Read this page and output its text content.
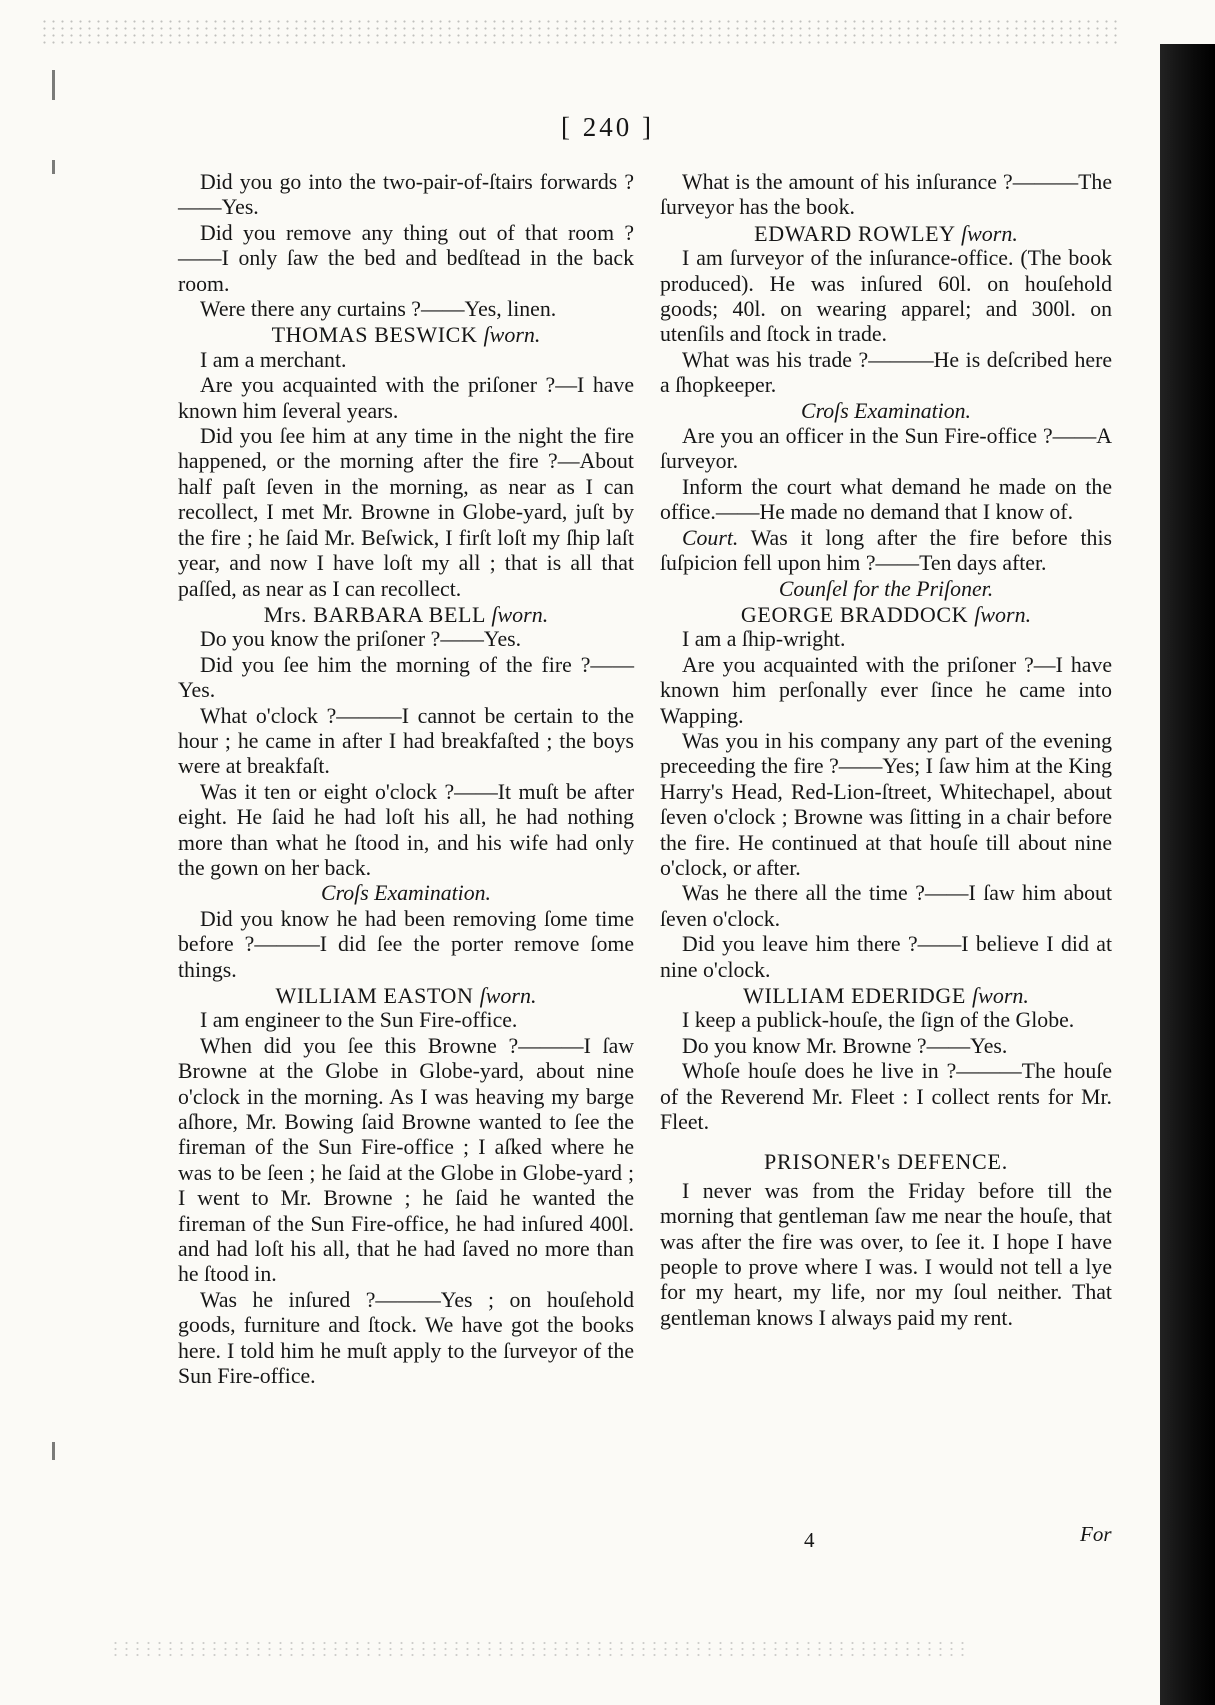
[ 240 ]

Did you go into the two-pair-of-ſtairs forwards ?——Yes.

Did you remove any thing out of that room ?——I only ſaw the bed and bedſtead in the back room.

Were there any curtains ?——Yes, linen.

THOMAS BESWICK ſworn.

I am a merchant.

Are you acquainted with the priſoner ?—I have known him ſeveral years.

Did you ſee him at any time in the night the fire happened, or the morning after the fire ?—About half paſt ſeven in the morning, as near as I can recollect, I met Mr. Browne in Globe-yard, juſt by the fire ; he ſaid Mr. Beſwick, I firſt loſt my ſhip laſt year, and now I have loſt my all ; that is all that paſſed, as near as I can recollect.

Mrs. BARBARA BELL ſworn.

Do you know the priſoner ?——Yes.

Did you ſee him the morning of the fire ?——Yes.

What o'clock ?———I cannot be certain to the hour ; he came in after I had breakfaſted ; the boys were at breakfaſt.

Was it ten or eight o'clock ?——It muſt be after eight. He ſaid he had loſt his all, he had nothing more than what he ſtood in, and his wife had only the gown on her back.

Croſs Examination.

Did you know he had been removing ſome time before ?———I did ſee the porter remove ſome things.

WILLIAM EASTON ſworn.

I am engineer to the Sun Fire-office.

When did you ſee this Browne ?———I ſaw Browne at the Globe in Globe-yard, about nine o'clock in the morning. As I was heaving my barge aſhore, Mr. Bowing ſaid Browne wanted to ſee the fireman of the Sun Fire-office ; I aſked where he was to be ſeen ; he ſaid at the Globe in Globe-yard ; I went to Mr. Browne ; he ſaid he wanted the fireman of the Sun Fire-office, he had inſured 400l. and had loſt his all, that he had ſaved no more than he ſtood in.

Was he inſured ?———Yes ; on houſehold goods, furniture and ſtock. We have got the books here. I told him he muſt apply to the ſurveyor of the Sun Fire-office.

What is the amount of his inſurance ?———The ſurveyor has the book.

EDWARD ROWLEY ſworn.

I am ſurveyor of the inſurance-office. (The book produced). He was inſured 60l. on houſehold goods; 40l. on wearing apparel; and 300l. on utenſils and ſtock in trade.

What was his trade ?———He is deſcribed here a ſhopkeeper.

Croſs Examination.

Are you an officer in the Sun Fire-office ?——A ſurveyor.

Inform the court what demand he made on the office.——He made no demand that I know of.

Court. Was it long after the fire before this ſuſpicion fell upon him ?——Ten days after.

Counſel for the Priſoner.

GEORGE BRADDOCK ſworn.

I am a ſhip-wright.

Are you acquainted with the priſoner ?—I have known him perſonally ever ſince he came into Wapping.

Was you in his company any part of the evening preceeding the fire ?——Yes; I ſaw him at the King Harry's Head, Red-Lion-ſtreet, Whitechapel, about ſeven o'clock ; Browne was ſitting in a chair before the fire. He continued at that houſe till about nine o'clock, or after.

Was he there all the time ?——I ſaw him about ſeven o'clock.

Did you leave him there ?——I believe I did at nine o'clock.

WILLIAM EDERIDGE ſworn.

I keep a publick-houſe, the ſign of the Globe.

Do you know Mr. Browne ?——Yes.

Whoſe houſe does he live in ?———The houſe of the Reverend Mr. Fleet : I collect rents for Mr. Fleet.

PRISONER's DEFENCE.

I never was from the Friday before till the morning that gentleman ſaw me near the houſe, that was after the fire was over, to ſee it. I hope I have people to prove where I was. I would not tell a lye for my heart, my life, nor my ſoul neither. That gentleman knows I always paid my rent.

4	For
